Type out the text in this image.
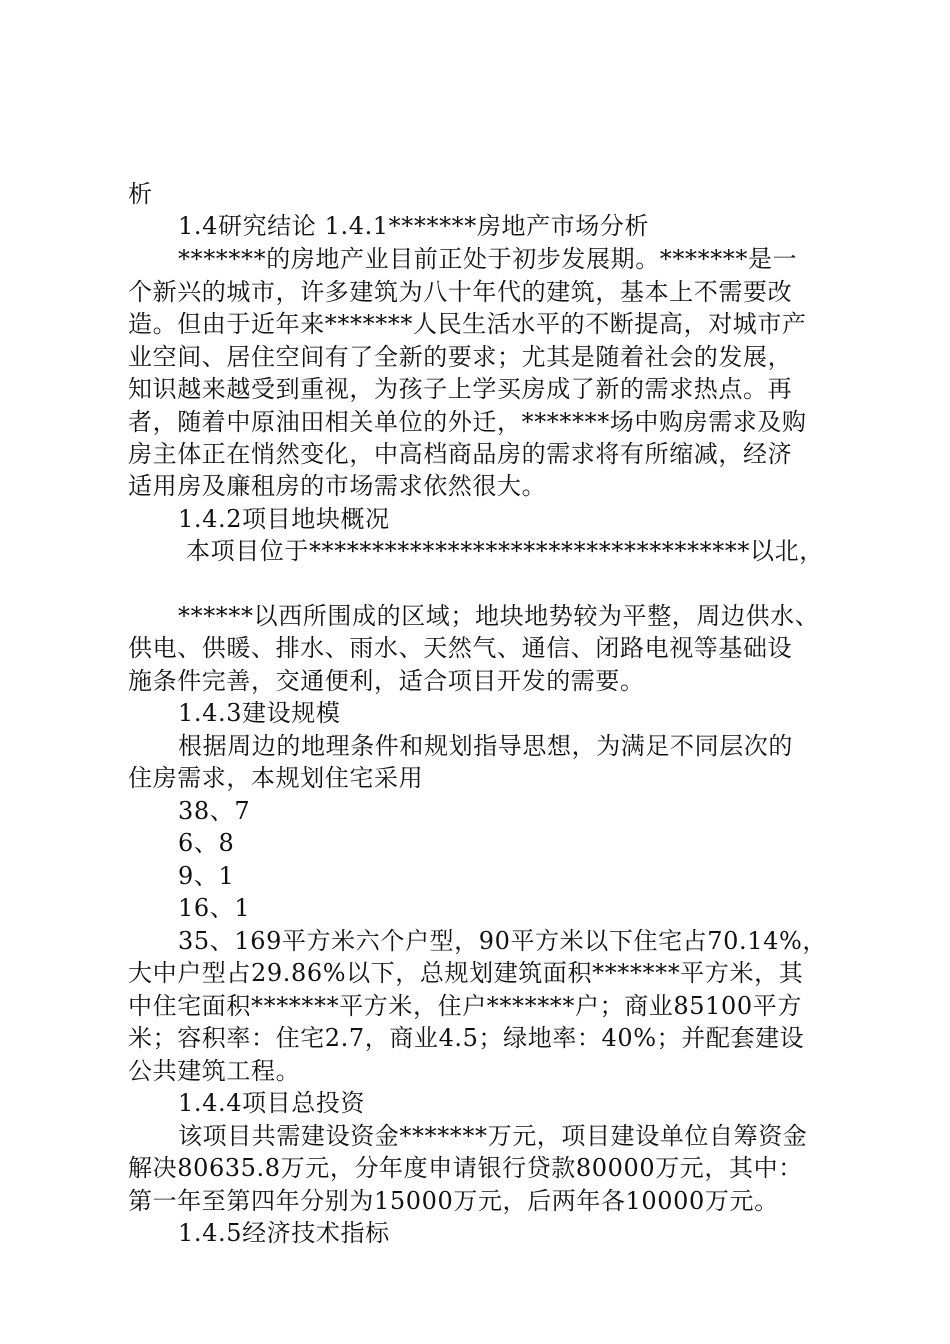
析
1.4研究结论 1.4.1*******房地产市场分析
*******的房地产业目前正处于初步发展期。*******是一
个新兴的城市，许多建筑为八十年代的建筑，基本上不需要改
造。但由于近年来*******人民生活水平的不断提高，对城市产
业空间、居住空间有了全新的要求；尤其是随着社会的发展，
知识越来越受到重视，为孩子上学买房成了新的需求热点。再
者，随着中原油田相关单位的外迁，*******场中购房需求及购
房主体正在悄然变化，中高档商品房的需求将有所缩减，经济
适用房及廉租房的市场需求依然很大。
1.4.2项目地块概况
本项目位于***********************************以北，
******以西所围成的区域；地块地势较为平整，周边供水、
供电、供暖、排水、雨水、天然气、通信、闭路电视等基础设
施条件完善，交通便利，适合项目开发的需要。
1.4.3建设规模
根据周边的地理条件和规划指导思想，为满足不同层次的
住房需求，本规划住宅采用
38、7
6、8
9、1
16、1
35、169平方米六个户型，90平方米以下住宅占70.14%，
大中户型占29.86%以下，总规划建筑面积*******平方米，其
中住宅面积*******平方米，住户*******户；商业85100平方
米；容积率：住宅2.7，商业4.5；绿地率：40%；并配套建设
公共建筑工程。
1.4.4项目总投资
该项目共需建设资金*******万元，项目建设单位自筹资金
解决80635.8万元，分年度申请银行贷款80000万元，其中：
第一年至第四年分别为15000万元，后两年各10000万元。
1.4.5经济技术指标
